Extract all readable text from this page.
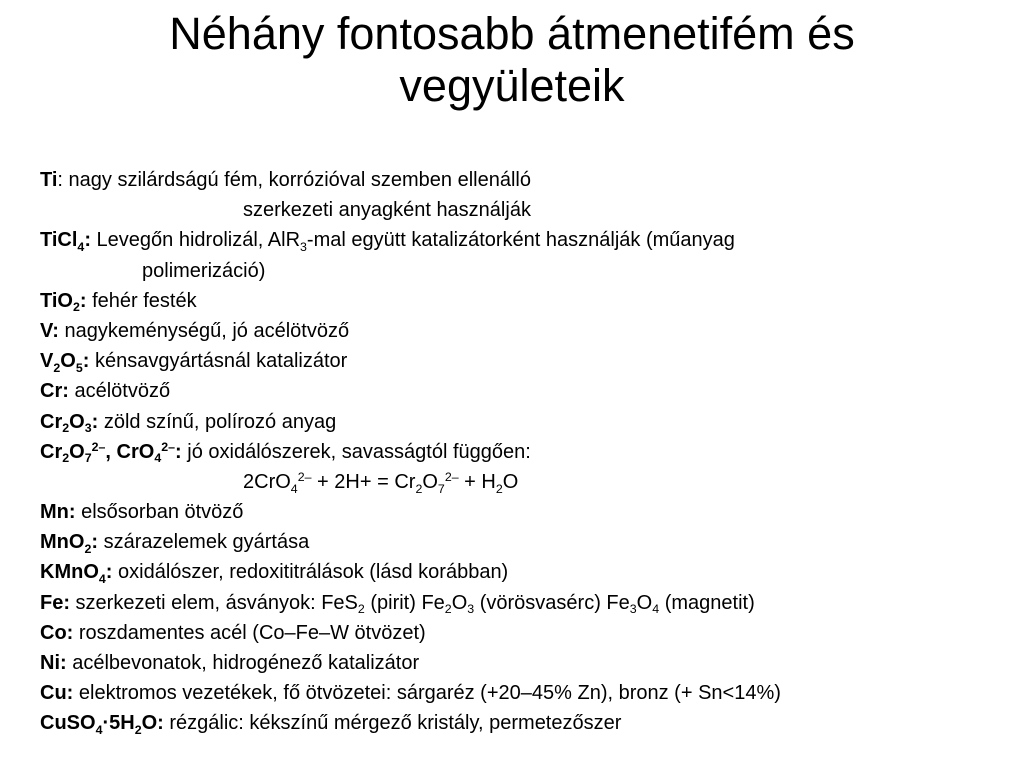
Néhány fontosabb átmenetifém és
vegyületeik
Ti: nagy szilárdságú fém, korrózióval szemben ellenálló
szerkezeti anyagként használják
TiCl$_4$: Levegőn hidrolizál, AlR$_3$-mal együtt katalizátorként használják (műanyag
polimerizáció)
TiO$_2$: fehér festék
V: nagykeménységű, jó acélötvöző
$V_2O_5$: kénsavgyártásnál katalizátor
Cr: acélötvöző
$Cr_2O_3$: zöld színű, polírozó anyag
$Cr_2O_7^{2-}$, CrO$_4^{2-}$: jó oxidálószerek, savasságtól függően:
$2CrO_4^{2-} + 2H+ = Cr_2O_7^{2-} + H_2O$
Mn: elsősorban ötvöző
MnO$_2$: szárazelemek gyártása
KMnO$_4$: oxidálószer, redoxititrálások (lásd korábban)
Fe: szerkezeti elem, ásványok: FeS$_2$ (pirit) $Fe_2O_3$ (vörösvasérc) $Fe_3O_4$ (magnetit)
Co: roszdamentes acél (Co–Fe–W ötvözet)
Ni: acélbevonatok, hidrogénező katalizátor
Cu: elektromos vezetékek, fő ötvözetei: sárgaréz (+20–45% Zn), bronz (+ Sn<14%)
$CuSO_4\cdot 5H_2O$: rézgálic: kékszínű mérgező kristály, permetezőszer
